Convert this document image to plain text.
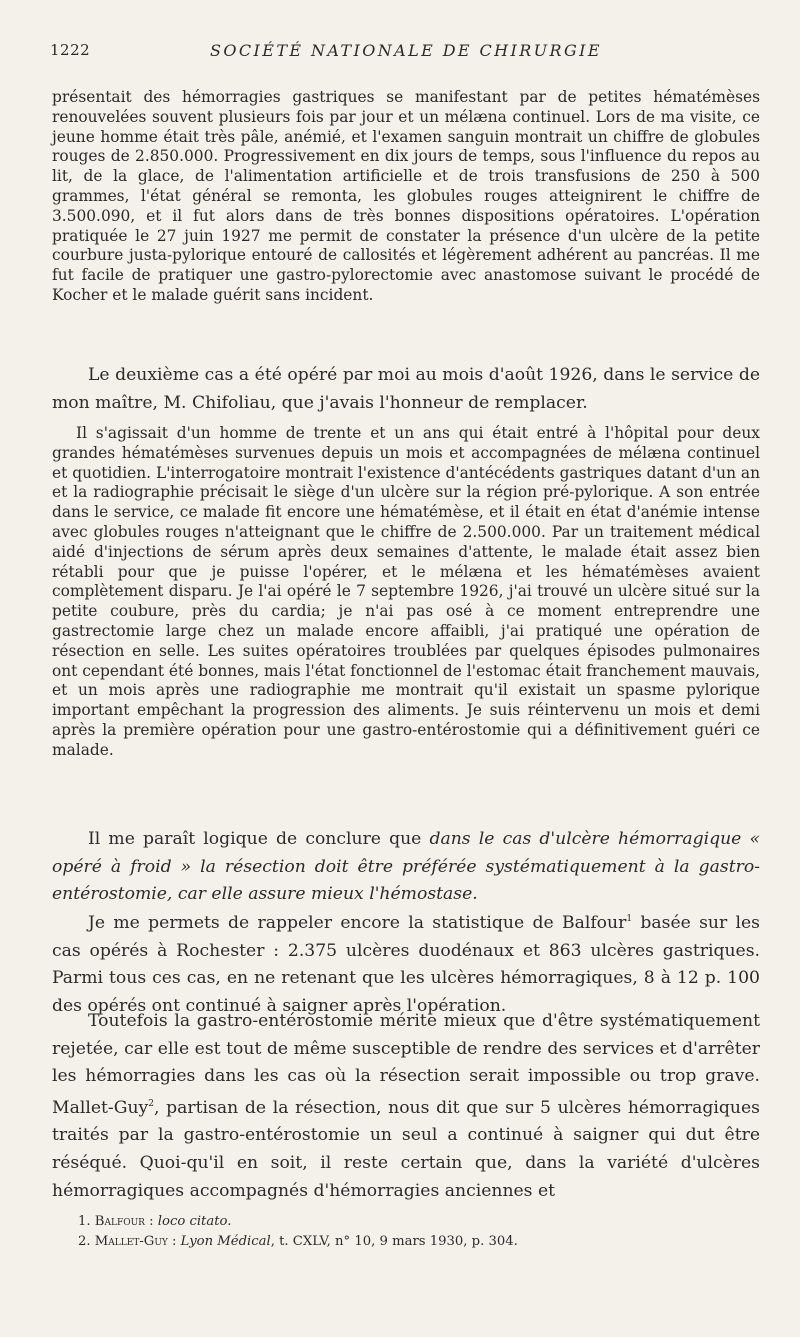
1222	SOCIÉTÉ NATIONALE DE CHIRURGIE

présentait des hémorragies gastriques se manifestant par de petites hématémèses renouvelées souvent plusieurs fois par jour et un mélæna continuel. Lors de ma visite, ce jeune homme était très pâle, anémié, et l'examen sanguin montrait un chiffre de globules rouges de 2.850.000. Progressivement en dix jours de temps, sous l'influence du repos au lit, de la glace, de l'alimentation artificielle et de trois transfusions de 250 à 500 grammes, l'état général se remonta, les globules rouges atteignirent le chiffre de 3.500.090, et il fut alors dans de très bonnes dispositions opératoires. L'opération pratiquée le 27 juin 1927 me permit de constater la présence d'un ulcère de la petite courbure justa-pylorique entouré de callosités et légèrement adhérent au pancréas. Il me fut facile de pratiquer une gastro-pylorectomie avec anastomose suivant le procédé de Kocher et le malade guérit sans incident.

Le deuxième cas a été opéré par moi au mois d'août 1926, dans le service de mon maître, M. Chifoliau, que j'avais l'honneur de remplacer.

Il s'agissait d'un homme de trente et un ans qui était entré à l'hôpital pour deux grandes hématémèses survenues depuis un mois et accompagnées de mélæna continuel et quotidien. L'interrogatoire montrait l'existence d'antécédents gastriques datant d'un an et la radiographie précisait le siège d'un ulcère sur la région pré-pylorique. A son entrée dans le service, ce malade fit encore une hématémèse, et il était en état d'anémie intense avec globules rouges n'atteignant que le chiffre de 2.500.000. Par un traitement médical aidé d'injections de sérum après deux semaines d'attente, le malade était assez bien rétabli pour que je puisse l'opérer, et le mélæna et les hématémèses avaient complètement disparu. Je l'ai opéré le 7 septembre 1926, j'ai trouvé un ulcère situé sur la petite coubure, près du cardia; je n'ai pas osé à ce moment entreprendre une gastrectomie large chez un malade encore affaibli, j'ai pratiqué une opération de résection en selle. Les suites opératoires troublées par quelques épisodes pulmonaires ont cependant été bonnes, mais l'état fonctionnel de l'estomac était franchement mauvais, et un mois après une radiographie me montrait qu'il existait un spasme pylorique important empêchant la progression des aliments. Je suis réintervenu un mois et demi après la première opération pour une gastro-entérostomie qui a définitivement guéri ce malade.

Il me paraît logique de conclure que dans le cas d'ulcère hémorragique « opéré à froid » la résection doit être préférée systématiquement à la gastro-entérostomie, car elle assure mieux l'hémostase.

Je me permets de rappeler encore la statistique de Balfour$^1$ basée sur les cas opérés à Rochester : 2.375 ulcères duodénaux et 863 ulcères gastriques. Parmi tous ces cas, en ne retenant que les ulcères hémorragiques, 8 à 12 p. 100 des opérés ont continué à saigner après l'opération.

Toutefois la gastro-entérostomie mérite mieux que d'être systématiquement rejetée, car elle est tout de même susceptible de rendre des services et d'arrêter les hémorragies dans les cas où la résection serait impossible ou trop grave. Mallet-Guy$^2$, partisan de la résection, nous dit que sur 5 ulcères hémorragiques traités par la gastro-entérostomie un seul a continué à saigner qui dut être réséqué. Quoi-qu'il en soit, il reste certain que, dans la variété d'ulcères hémorragiques accompagnés d'hémorragies anciennes et

1. Balfour : loco citato.
2. Mallet-Guy : Lyon Médical, t. CXLV, n° 10, 9 mars 1930, p. 304.
